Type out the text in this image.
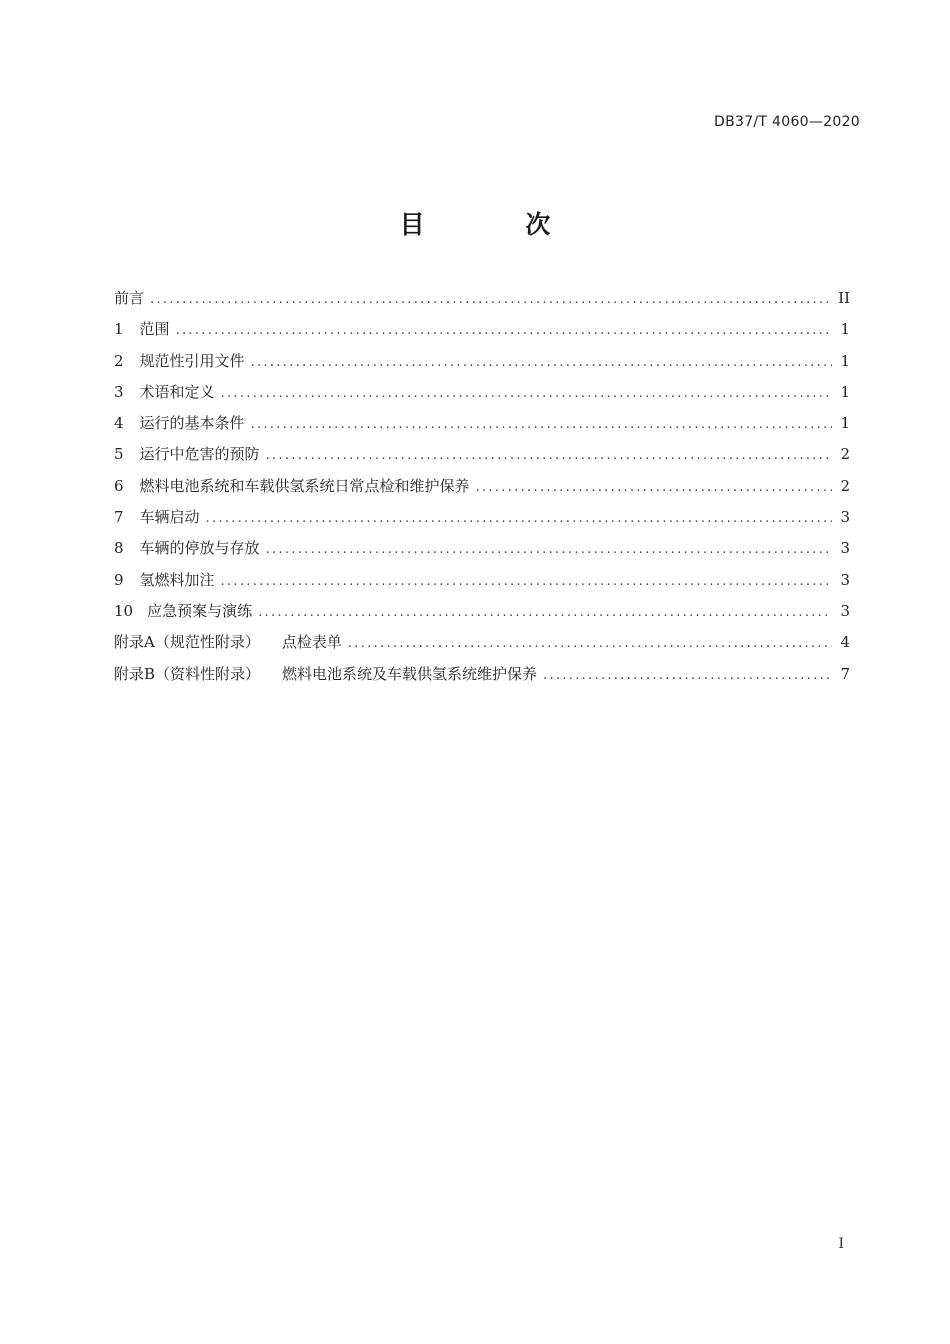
DB37/T 4060—2020
目 次
前言 .....	II
1 范围 .....	1
2 规范性引用文件 .....	1
3 术语和定义 .....	1
4 运行的基本条件 .....	1
5 运行中危害的预防 .....	2
6 燃料电池系统和车载供氢系统日常点检和维护保养 .....	2
7 车辆启动 .....	3
8 车辆的停放与存放 .....	3
9 氢燃料加注 .....	3
10 应急预案与演练 .....	3
附录A（规范性附录） 点检表单 .....	4
附录B（资料性附录） 燃料电池系统及车载供氢系统维护保养 .....	7
I
